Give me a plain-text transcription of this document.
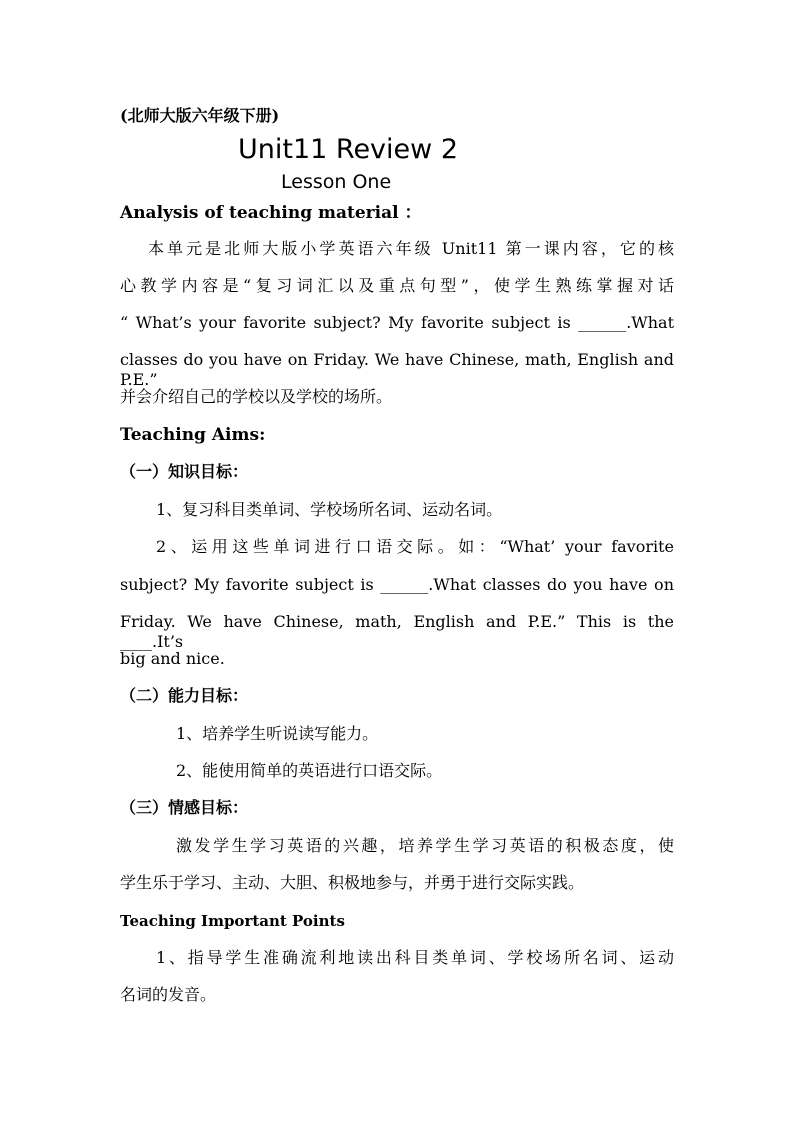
(北师大版六年级下册)
Unit11 Review 2
Lesson One
Analysis of teaching material ：
本单元是北师大版小学英语六年级 Unit11 第一课内容，它的核
心教学内容是“复习词汇以及重点句型”，使学生熟练掌握对话
“ What’s your favorite subject? My favorite subject is ______.What
classes do you have on Friday. We have Chinese, math, English and P.E.”
并会介绍自己的学校以及学校的场所。
Teaching Aims:
（一）知识目标：
1、复习科目类单词、学校场所名词、运动名词。
2、运用这些单词进行口语交际。如：“What’ your favorite
subject? My favorite subject is ______.What classes do you have on
Friday. We have Chinese, math, English and P.E.” This is the ____.It’s
big and nice.
（二）能力目标：
1、培养学生听说读写能力。
2、能使用简单的英语进行口语交际。
（三）情感目标：
激发学生学习英语的兴趣，培养学生学习英语的积极态度，使
学生乐于学习、主动、大胆、积极地参与，并勇于进行交际实践。
Teaching Important Points
1、指导学生准确流利地读出科目类单词、学校场所名词、运动
名词的发音。
